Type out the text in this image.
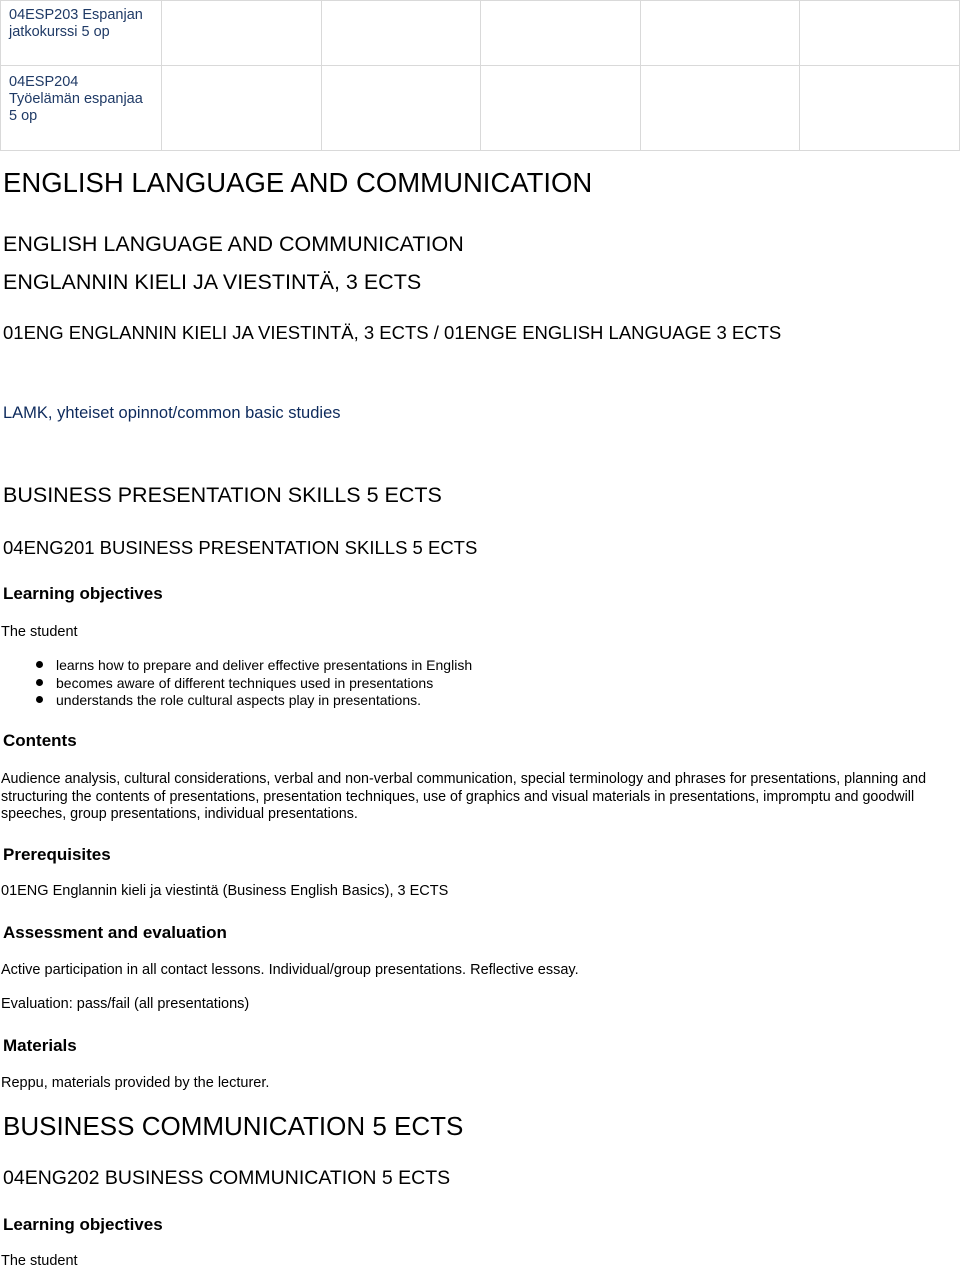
04ESP203 Espanjan jatkokurssi 5 op					

04ESP204
Työelämän espanjaa
5 op					

ENGLISH LANGUAGE AND COMMUNICATION
ENGLISH LANGUAGE AND COMMUNICATION
ENGLANNIN KIELI JA VIESTINTÄ, 3 ECTS
01ENG ENGLANNIN KIELI JA VIESTINTÄ, 3 ECTS / 01ENGE ENGLISH LANGUAGE 3 ECTS
LAMK, yhteiset opinnot/common basic studies
BUSINESS PRESENTATION SKILLS 5 ECTS
04ENG201 BUSINESS PRESENTATION SKILLS 5 ECTS
Learning objectives
The student
learns how to prepare and deliver effective presentations in English
becomes aware of different techniques used in presentations
understands the role cultural aspects play in presentations.
Contents
Audience analysis, cultural considerations, verbal and non-verbal communication, special terminology and phrases for presentations, planning and structuring the contents of presentations, presentation techniques, use of graphics and visual materials in presentations, impromptu and goodwill speeches, group presentations, individual presentations.
Prerequisites
01ENG Englannin kieli ja viestintä (Business English Basics), 3 ECTS
Assessment and evaluation
Active participation in all contact lessons. Individual/group presentations. Reflective essay.
Evaluation: pass/fail (all presentations)
Materials
Reppu, materials provided by the lecturer.
BUSINESS COMMUNICATION 5 ECTS
04ENG202 BUSINESS COMMUNICATION 5 ECTS
Learning objectives
The student
